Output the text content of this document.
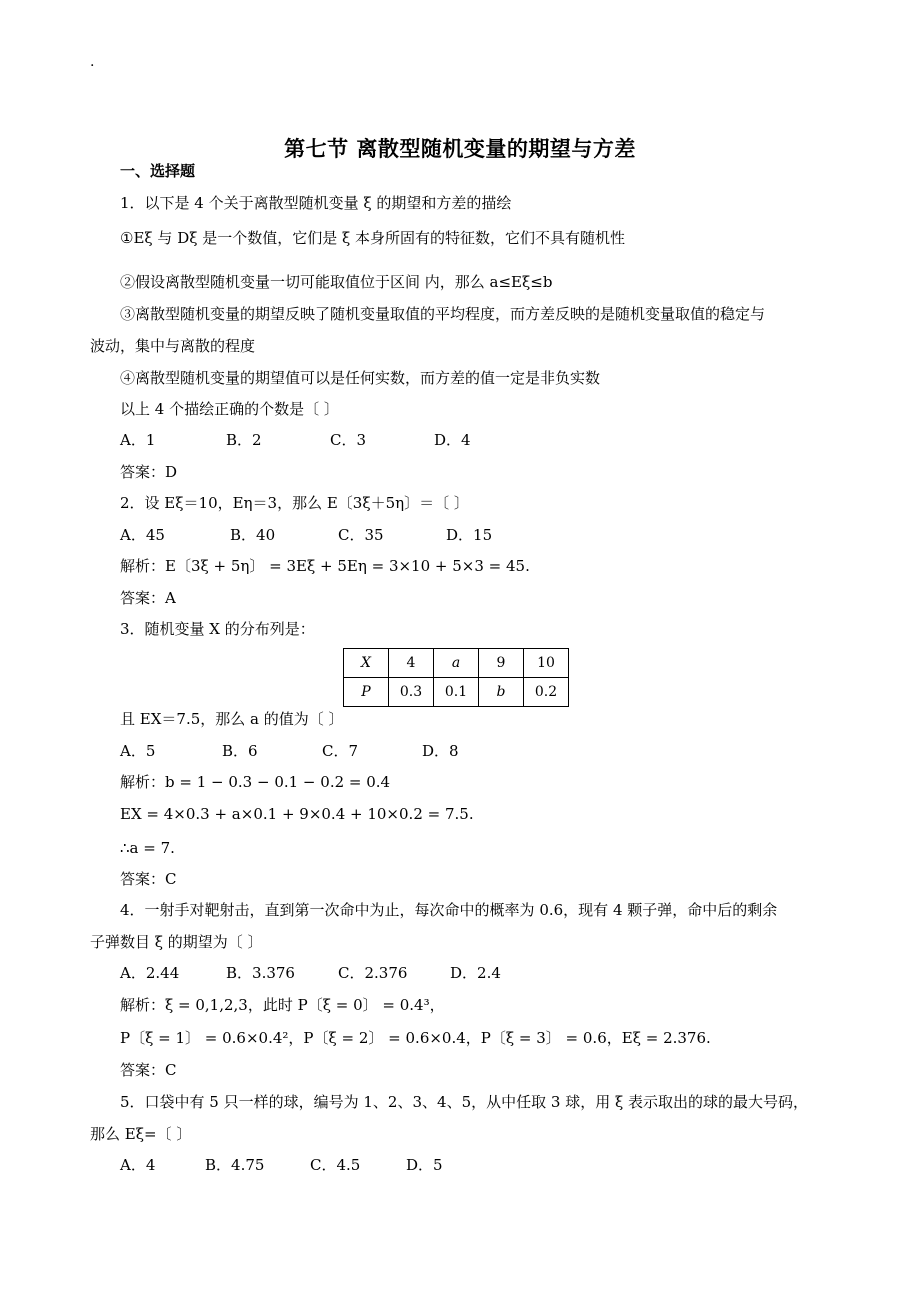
.
第七节 离散型随机变量的期望与方差
一、选择题
1．以下是 4 个关于离散型随机变量 ξ 的期望和方差的描绘
①Eξ 与 Dξ 是一个数值，它们是 ξ 本身所固有的特征数，它们不具有随机性
②假设离散型随机变量一切可能取值位于区间 内，那么 a≤Eξ≤b
③离散型随机变量的期望反映了随机变量取值的平均程度，而方差反映的是随机变量取值的稳定与
波动，集中与离散的程度
④离散型随机变量的期望值可以是任何实数，而方差的值一定是非负实数
以上 4 个描绘正确的个数是〔 〕
A．1	B．2	C．3	D．4
答案：D
2．设 Eξ＝10，Eη＝3，那么 E〔3ξ＋5η〕＝〔 〕
A．45	B．40	C．35	D．15
解析：E〔3ξ + 5η〕 = 3Eξ + 5Eη = 3×10 + 5×3 = 45.
答案：A
3．随机变量 X 的分布列是：
X	4	a	9	10
P	0.3	0.1	b	0.2
且 EX＝7.5，那么 a 的值为〔 〕
A．5	B．6	C．7	D．8
解析：b = 1 − 0.3 − 0.1 − 0.2 = 0.4
EX = 4×0.3 + a×0.1 + 9×0.4 + 10×0.2 = 7.5.
∴a = 7.
答案：C
4．一射手对靶射击，直到第一次命中为止，每次命中的概率为 0.6，现有 4 颗子弹，命中后的剩余
子弹数目 ξ 的期望为〔 〕
A．2.44	B．3.376	C．2.376	D．2.4
解析：ξ = 0,1,2,3，此时 P〔ξ = 0〕 = 0.4³，
P〔ξ = 1〕 = 0.6×0.4²，P〔ξ = 2〕 = 0.6×0.4，P〔ξ = 3〕 = 0.6，Eξ = 2.376.
答案：C
5．口袋中有 5 只一样的球，编号为 1、2、3、4、5，从中任取 3 球，用 ξ 表示取出的球的最大号码，
那么 Eξ=〔 〕
A．4	B．4.75	C．4.5	D．5
